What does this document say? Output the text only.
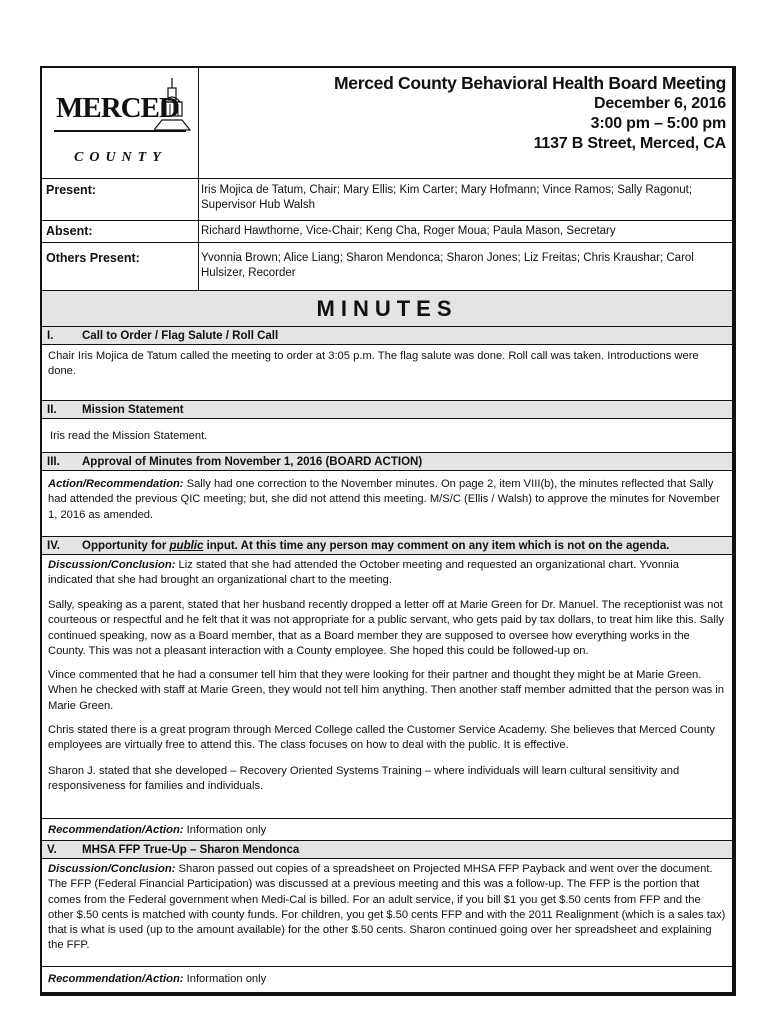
MERCED
COUNTY
Merced County Behavioral Health Board Meeting
December 6, 2016
3:00 pm – 5:00 pm
1137 B Street, Merced, CA
Present:	Iris Mojica de Tatum, Chair; Mary Ellis; Kim Carter; Mary Hofmann; Vince Ramos; Sally Ragonut; Supervisor Hub Walsh
Absent:	Richard Hawthorne, Vice-Chair; Keng Cha, Roger Moua; Paula Mason, Secretary
Others Present:	Yvonnia Brown; Alice Liang; Sharon Mendonca; Sharon Jones; Liz Freitas; Chris Kraushar; Carol Hulsizer, Recorder
MINUTES
I. Call to Order / Flag Salute / Roll Call
Chair Iris Mojica de Tatum called the meeting to order at 3:05 p.m. The flag salute was done. Roll call was taken. Introductions were done.
II. Mission Statement
Iris read the Mission Statement.
III. Approval of Minutes from November 1, 2016 (BOARD ACTION)
Action/Recommendation: Sally had one correction to the November minutes. On page 2, item VIII(b), the minutes reflected that Sally had attended the previous QIC meeting; but, she did not attend this meeting. M/S/C (Ellis / Walsh) to approve the minutes for November 1, 2016 as amended.
IV. Opportunity for public input. At this time any person may comment on any item which is not on the agenda.
Discussion/Conclusion: Liz stated that she had attended the October meeting and requested an organizational chart. Yvonnia indicated that she had brought an organizational chart to the meeting.
Sally, speaking as a parent, stated that her husband recently dropped a letter off at Marie Green for Dr. Manuel. The receptionist was not courteous or respectful and he felt that it was not appropriate for a public servant, who gets paid by tax dollars, to treat him like this. Sally continued speaking, now as a Board member, that as a Board member they are supposed to oversee how everything works in the County. This was not a pleasant interaction with a County employee. She hoped this could be followed-up on.
Vince commented that he had a consumer tell him that they were looking for their partner and thought they might be at Marie Green. When he checked with staff at Marie Green, they would not tell him anything. Then another staff member admitted that the person was in Marie Green.
Chris stated there is a great program through Merced College called the Customer Service Academy. She believes that Merced County employees are virtually free to attend this. The class focuses on how to deal with the public. It is effective.
Sharon J. stated that she developed – Recovery Oriented Systems Training – where individuals will learn cultural sensitivity and responsiveness for families and individuals.
Recommendation/Action: Information only
V. MHSA FFP True-Up – Sharon Mendonca
Discussion/Conclusion: Sharon passed out copies of a spreadsheet on Projected MHSA FFP Payback and went over the document. The FFP (Federal Financial Participation) was discussed at a previous meeting and this was a follow-up. The FFP is the portion that comes from the Federal government when Medi-Cal is billed. For an adult service, if you bill $1 you get $.50 cents from FFP and the other $.50 cents is matched with county funds. For children, you get $.50 cents FFP and with the 2011 Realignment (which is a sales tax) that is what is used (up to the amount available) for the other $.50 cents. Sharon continued going over her spreadsheet and explaining the FFP.
Recommendation/Action: Information only
